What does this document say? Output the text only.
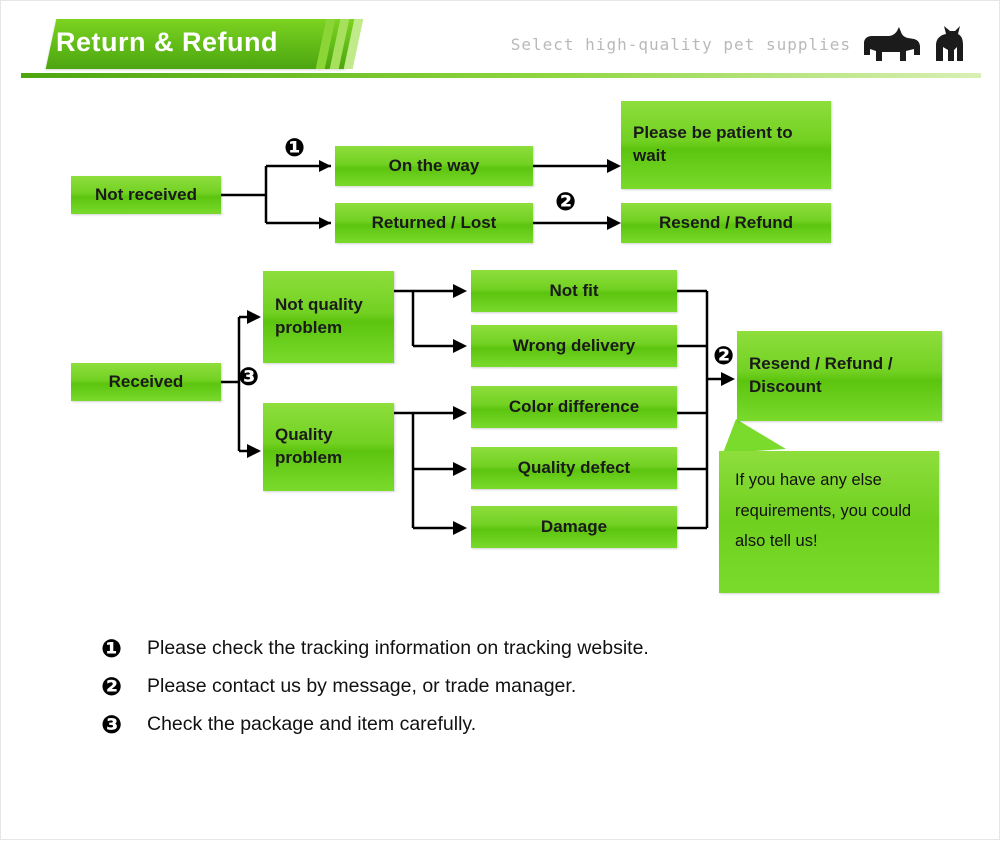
Return & Refund	Select high-quality pet supplies
Not received
❶
On the way
Returned / Lost
❷
Please be patient to wait
Resend / Refund
Received	❸
Not quality problem
Quality problem
Not fit
Wrong delivery
Color difference
Quality defect
Damage
❷ Resend / Refund / Discount
If you have any else requirements, you could also tell us!
❶	Please check the tracking information on tracking website.
❷	Please contact us by message, or trade manager.
❸	Check the package and item carefully.
